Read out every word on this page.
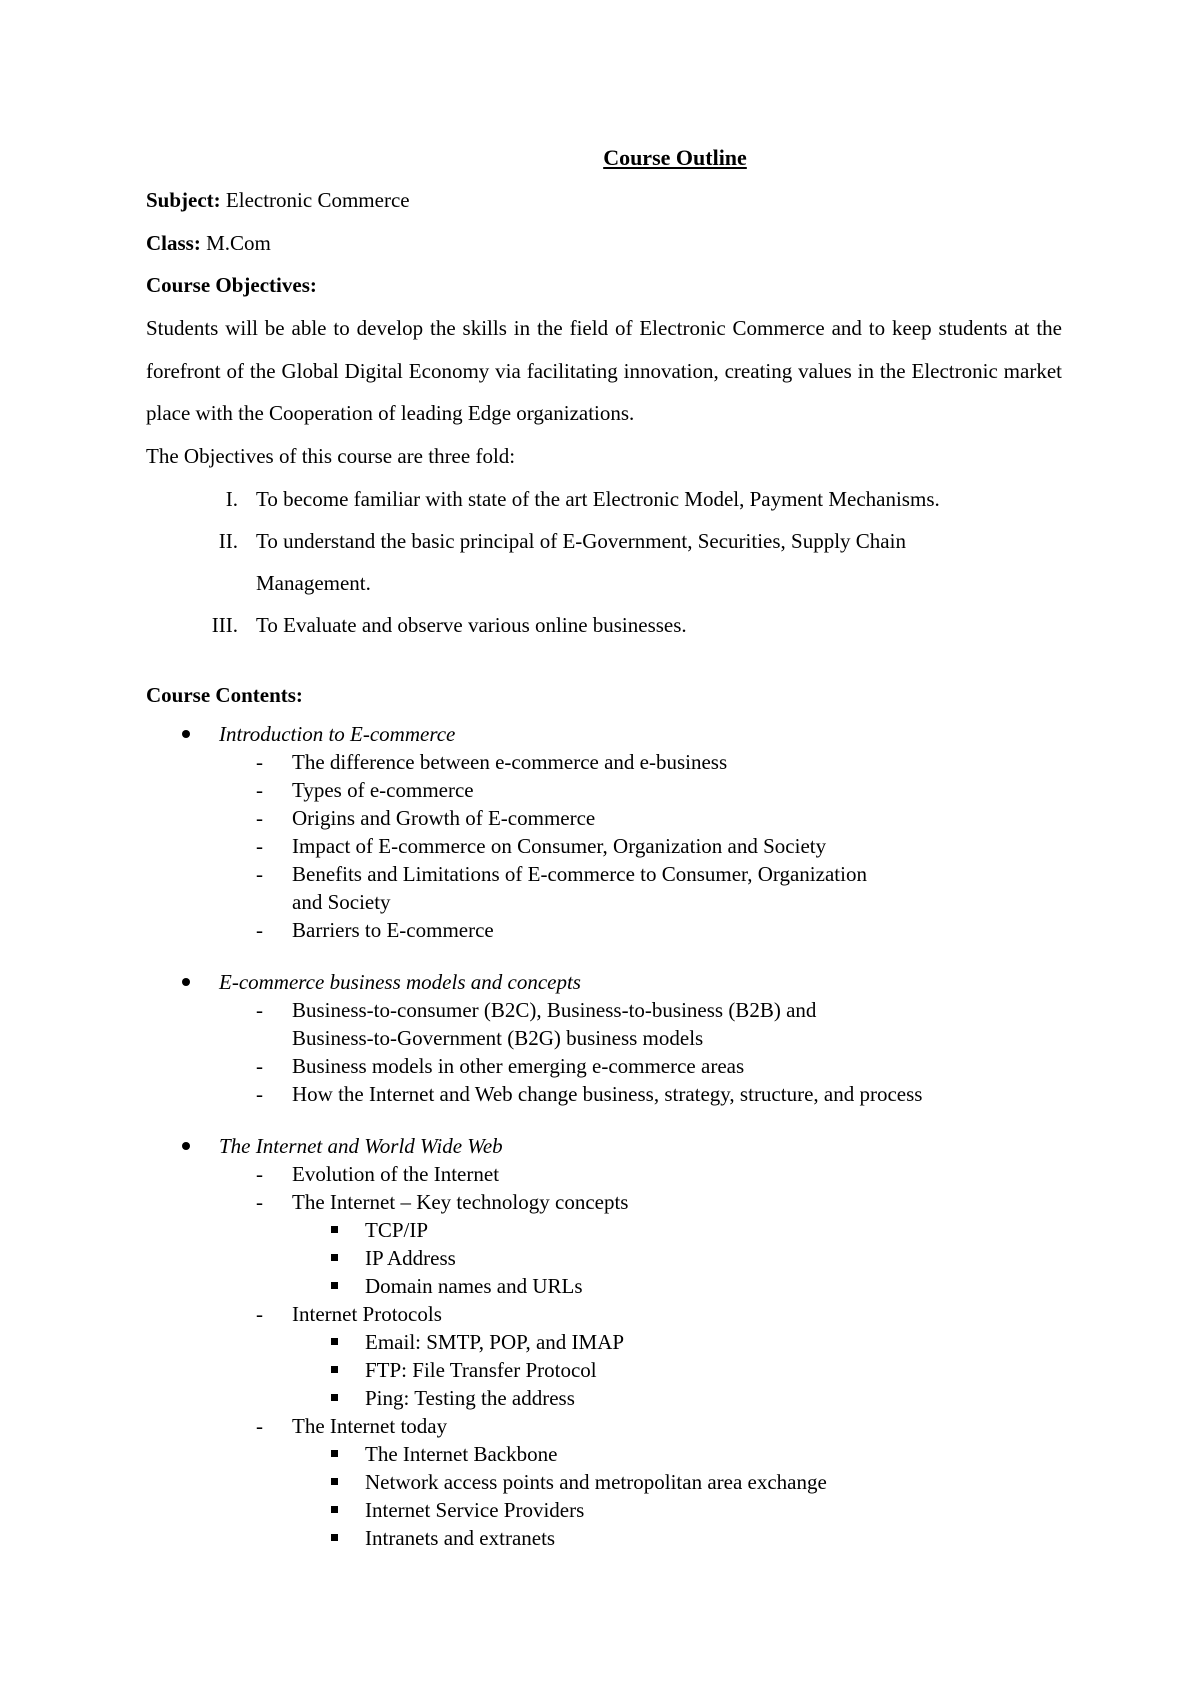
Course Outline
Subject: Electronic Commerce
Class: M.Com
Course Objectives:
Students will be able to develop the skills in the field of Electronic Commerce and to keep students at the forefront of the Global Digital Economy via facilitating innovation, creating values in the Electronic market place with the Cooperation of leading Edge organizations.
The Objectives of this course are three fold:
I. To become familiar with state of the art Electronic Model, Payment Mechanisms.
II. To understand the basic principal of E-Government, Securities, Supply Chain Management.
III. To Evaluate and observe various online businesses.
Course Contents:
Introduction to E-commerce
- The difference between e-commerce and e-business
- Types of e-commerce
- Origins and Growth of E-commerce
- Impact of E-commerce on Consumer, Organization and Society
- Benefits and Limitations of E-commerce to Consumer, Organization and Society
- Barriers to E-commerce
E-commerce business models and concepts
- Business-to-consumer (B2C), Business-to-business (B2B) and Business-to-Government (B2G) business models
- Business models in other emerging e-commerce areas
- How the Internet and Web change business, strategy, structure, and process
The Internet and World Wide Web
- Evolution of the Internet
- The Internet – Key technology concepts
TCP/IP
IP Address
Domain names and URLs
- Internet Protocols
Email: SMTP, POP, and IMAP
FTP: File Transfer Protocol
Ping: Testing the address
- The Internet today
The Internet Backbone
Network access points and metropolitan area exchange
Internet Service Providers
Intranets and extranets
